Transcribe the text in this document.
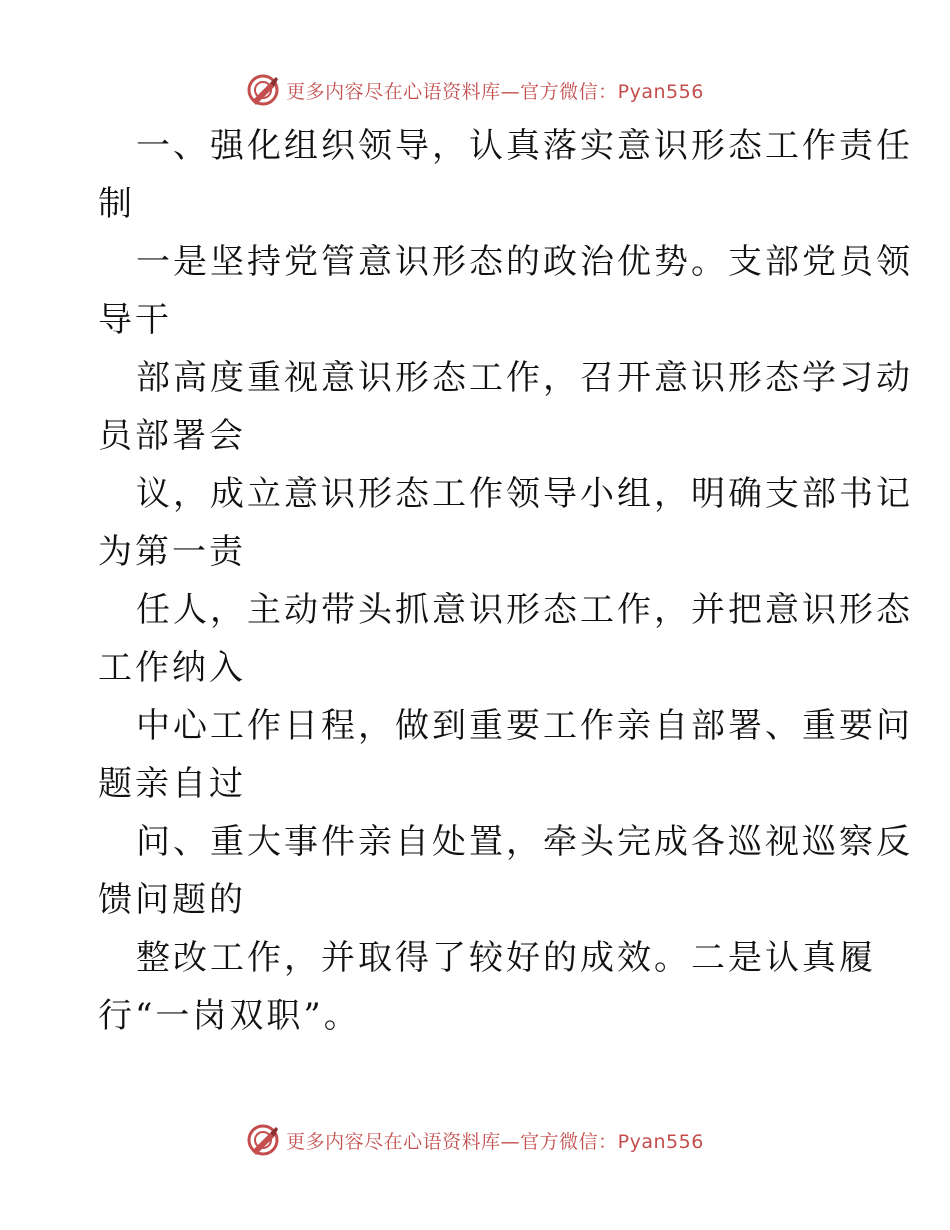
更多内容尽在心语资料库—官方微信：Pyan556
一、强化组织领导，认真落实意识形态工作责任
制
一是坚持党管意识形态的政治优势。支部党员领
导干
部高度重视意识形态工作，召开意识形态学习动
员部署会
议，成立意识形态工作领导小组，明确支部书记
为第一责
任人，主动带头抓意识形态工作，并把意识形态
工作纳入
中心工作日程，做到重要工作亲自部署、重要问
题亲自过
问、重大事件亲自处置，牵头完成各巡视巡察反
馈问题的
整改工作，并取得了较好的成效。二是认真履
行“一岗双职”。
更多内容尽在心语资料库—官方微信：Pyan556
